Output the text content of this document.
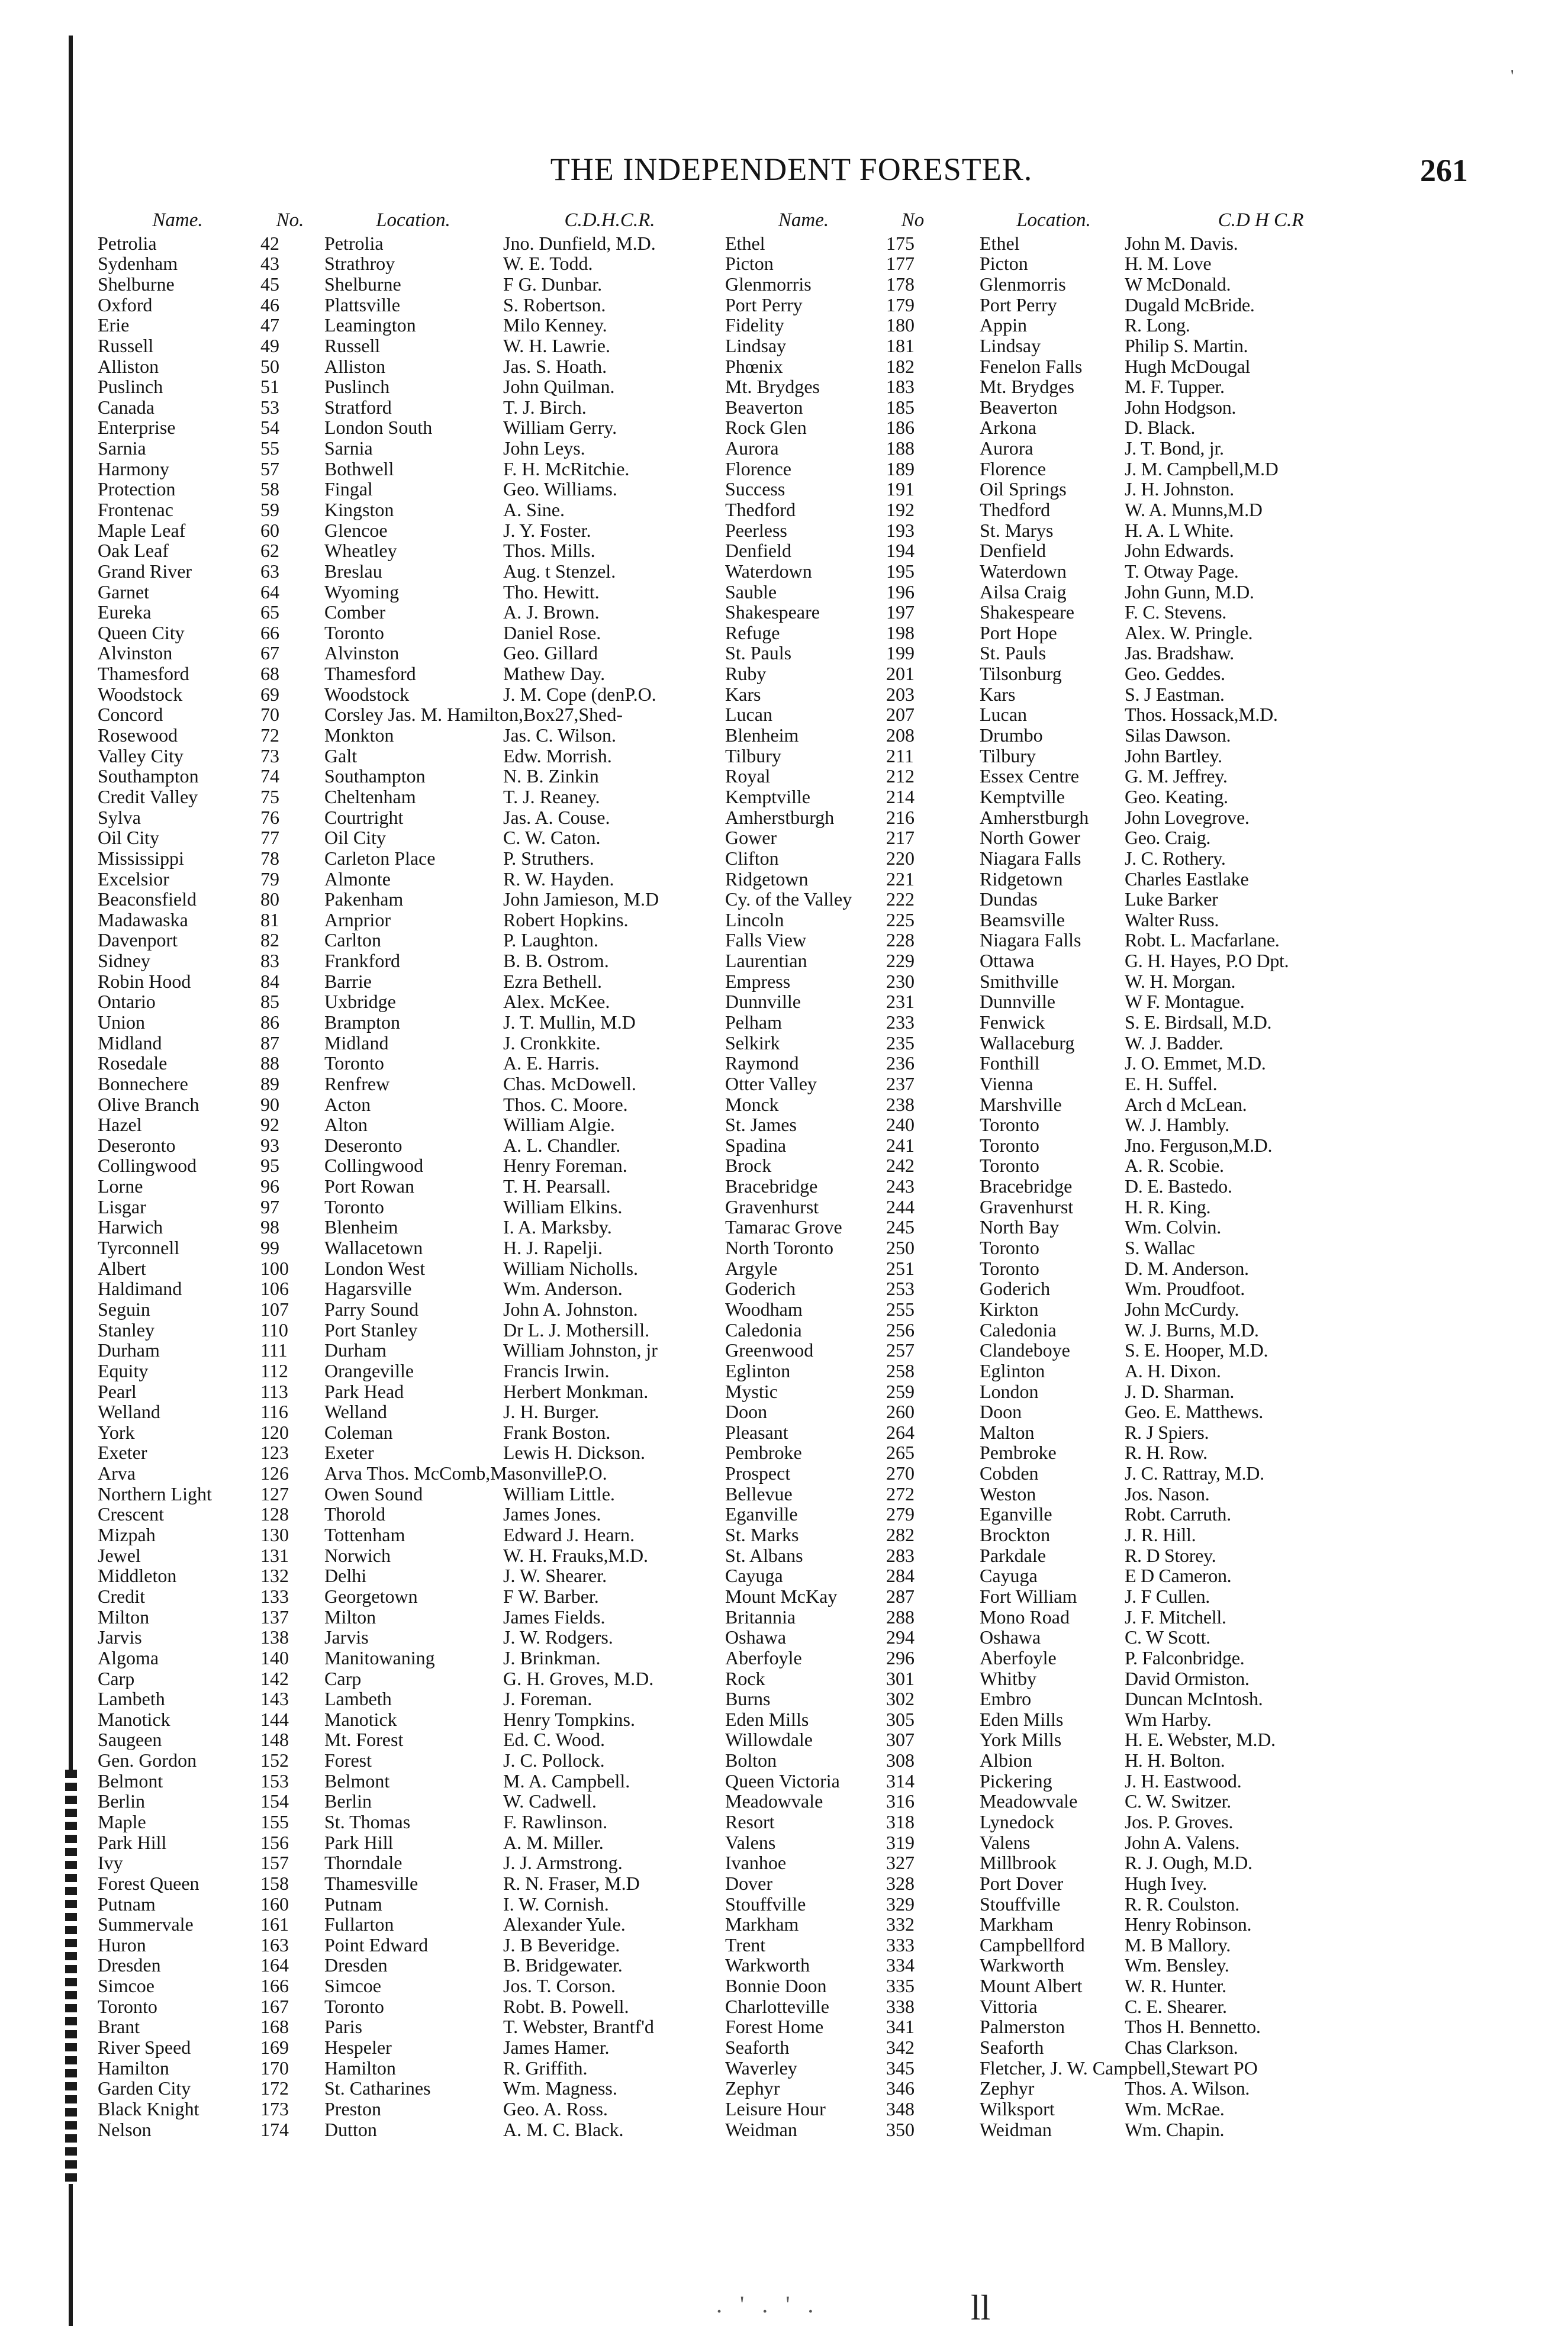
'
THE INDEPENDENT FORESTER.	261
Name.
Petrolia
Sydenham
Shelburne
Oxford
Erie
Russell
Alliston
Puslinch
Canada
Enterprise
Sarnia
Harmony
Protection
Frontenac
Maple Leaf
Oak Leaf
Grand River
Garnet
Eureka
Queen City
Alvinston
Thamesford
Woodstock
Concord
Rosewood
Valley City
Southampton
Credit Valley
Sylva
Oil City
Mississippi
Excelsior
Beaconsfield
Madawaska
Davenport
Sidney
Robin Hood
Ontario
Union
Midland
Rosedale
Bonnechere
Olive Branch
Hazel
Deseronto
Collingwood
Lorne
Lisgar
Harwich
Tyrconnell
Albert
Haldimand
Seguin
Stanley
Durham
Equity
Pearl
Welland
York
Exeter
Arva
Northern Light
Crescent
Mizpah
Jewel
Middleton
Credit
Milton
Jarvis
Algoma
Carp
Lambeth
Manotick
Saugeen
Gen. Gordon
Belmont
Berlin
Maple
Park Hill
Ivy
Forest Queen
Putnam
Summervale
Huron
Dresden
Simcoe
Toronto
Brant
River Speed
Hamilton
Garden City
Black Knight
Nelson
No.
42
43
45
46
47
49
50
51
53
54
55
57
58
59
60
62
63
64
65
66
67
68
69
70
72
73
74
75
76
77
78
79
80
81
82
83
84
85
86
87
88
89
90
92
93
95
96
97
98
99
100
106
107
110
111
112
113
116
120
123
126
127
128
130
131
132
133
137
138
140
142
143
144
148
152
153
154
155
156
157
158
160
161
163
164
166
167
168
169
170
172
173
174
Location.
Petrolia
Strathroy
Shelburne
Plattsville
Leamington
Russell
Alliston
Puslinch
Stratford
London South
Sarnia
Bothwell
Fingal
Kingston
Glencoe
Wheatley
Breslau
Wyoming
Comber
Toronto
Alvinston
Thamesford
Woodstock
Corsley Jas. M. Hamilton,Box27,Shed-
Monkton
Galt
Southampton
Cheltenham
Courtright
Oil City
Carleton Place
Almonte
Pakenham
Arnprior
Carlton
Frankford
Barrie
Uxbridge
Brampton
Midland
Toronto
Renfrew
Acton
Alton
Deseronto
Collingwood
Port Rowan
Toronto
Blenheim
Wallacetown
London West
Hagarsville
Parry Sound
Port Stanley
Durham
Orangeville
Park Head
Welland
Coleman
Exeter
Arva Thos. McComb,MasonvilleP.O.
Owen Sound
Thorold
Tottenham
Norwich
Delhi
Georgetown
Milton
Jarvis
Manitowaning
Carp
Lambeth
Manotick
Mt. Forest
Forest
Belmont
Berlin
St. Thomas
Park Hill
Thorndale
Thamesville
Putnam
Fullarton
Point Edward
Dresden
Simcoe
Toronto
Paris
Hespeler
Hamilton
St. Catharines
Preston
Dutton
C.D.H.C.R.
Jno. Dunfield, M.D.
W. E. Todd.
F G. Dunbar.
S. Robertson.
Milo Kenney.
W. H. Lawrie.
Jas. S. Hoath.
John Quilman.
T. J. Birch.
William Gerry.
John Leys.
F. H. McRitchie.
Geo. Williams.
A. Sine.
J. Y. Foster.
Thos. Mills.
Aug. t Stenzel.
Tho. Hewitt.
A. J. Brown.
Daniel Rose.
Geo. Gillard
Mathew Day.
J. M. Cope (denP.O.
Jas. C. Wilson.
Edw. Morrish.
N. B. Zinkin
T. J. Reaney.
Jas. A. Couse.
C. W. Caton.
P. Struthers.
R. W. Hayden.
John Jamieson, M.D
Robert Hopkins.
P. Laughton.
B. B. Ostrom.
Ezra Bethell.
Alex. McKee.
J. T. Mullin, M.D
J. Cronkkite.
A. E. Harris.
Chas. McDowell.
Thos. C. Moore.
William Algie.
A. L. Chandler.
Henry Foreman.
T. H. Pearsall.
William Elkins.
I. A. Marksby.
H. J. Rapelji.
William Nicholls.
Wm. Anderson.
John A. Johnston.
Dr L. J. Mothersill.
William Johnston, jr
Francis Irwin.
Herbert Monkman.
J. H. Burger.
Frank Boston.
Lewis H. Dickson.
William Little.
James Jones.
Edward J. Hearn.
W. H. Frauks,M.D.
J. W. Shearer.
F W. Barber.
James Fields.
J. W. Rodgers.
J. Brinkman.
G. H. Groves, M.D.
J. Foreman.
Henry Tompkins.
Ed. C. Wood.
J. C. Pollock.
M. A. Campbell.
W. Cadwell.
F. Rawlinson.
A. M. Miller.
J. J. Armstrong.
R. N. Fraser, M.D
I. W. Cornish.
Alexander Yule.
J. B Beveridge.
B. Bridgewater.
Jos. T. Corson.
Robt. B. Powell.
T. Webster, Brantf'd
James Hamer.
R. Griffith.
Wm. Magness.
Geo. A. Ross.
A. M. C. Black.
Name.
Ethel
Picton
Glenmorris
Port Perry
Fidelity
Lindsay
Phœnix
Mt. Brydges
Beaverton
Rock Glen
Aurora
Florence
Success
Thedford
Peerless
Denfield
Waterdown
Sauble
Shakespeare
Refuge
St. Pauls
Ruby
Kars
Lucan
Blenheim
Tilbury
Royal
Kemptville
Amherstburgh
Gower
Clifton
Ridgetown
Cy. of the Valley
Lincoln
Falls View
Laurentian
Empress
Dunnville
Pelham
Selkirk
Raymond
Otter Valley
Monck
St. James
Spadina
Brock
Bracebridge
Gravenhurst
Tamarac Grove
North Toronto
Argyle
Goderich
Woodham
Caledonia
Greenwood
Eglinton
Mystic
Doon
Pleasant
Pembroke
Prospect
Bellevue
Eganville
St. Marks
St. Albans
Cayuga
Mount McKay
Britannia
Oshawa
Aberfoyle
Rock
Burns
Eden Mills
Willowdale
Bolton
Queen Victoria
Meadowvale
Resort
Valens
Ivanhoe
Dover
Stouffville
Markham
Trent
Warkworth
Bonnie Doon
Charlotteville
Forest Home
Seaforth
Waverley
Zephyr
Leisure Hour
Weidman
No
175
177
178
179
180
181
182
183
185
186
188
189
191
192
193
194
195
196
197
198
199
201
203
207
208
211
212
214
216
217
220
221
222
225
228
229
230
231
233
235
236
237
238
240
241
242
243
244
245
250
251
253
255
256
257
258
259
260
264
265
270
272
279
282
283
284
287
288
294
296
301
302
305
307
308
314
316
318
319
327
328
329
332
333
334
335
338
341
342
345
346
348
350
Location.
Ethel
Picton
Glenmorris
Port Perry
Appin
Lindsay
Fenelon Falls
Mt. Brydges
Beaverton
Arkona
Aurora
Florence
Oil Springs
Thedford
St. Marys
Denfield
Waterdown
Ailsa Craig
Shakespeare
Port Hope
St. Pauls
Tilsonburg
Kars
Lucan
Drumbo
Tilbury
Essex Centre
Kemptville
Amherstburgh
North Gower
Niagara Falls
Ridgetown
Dundas
Beamsville
Niagara Falls
Ottawa
Smithville
Dunnville
Fenwick
Wallaceburg
Fonthill
Vienna
Marshville
Toronto
Toronto
Toronto
Bracebridge
Gravenhurst
North Bay
Toronto
Toronto
Goderich
Kirkton
Caledonia
Clandeboye
Eglinton
London
Doon
Malton
Pembroke
Cobden
Weston
Eganville
Brockton
Parkdale
Cayuga
Fort William
Mono Road
Oshawa
Aberfoyle
Whitby
Embro
Eden Mills
York Mills
Albion
Pickering
Meadowvale
Lynedock
Valens
Millbrook
Port Dover
Stouffville
Markham
Campbellford
Warkworth
Mount Albert
Vittoria
Palmerston
Seaforth
Fletcher, J. W. Campbell,Stewart PO
Zephyr
Wilksport
Weidman
C.D H C.R
John M. Davis.
H. M. Love
W McDonald.
Dugald McBride.
R. Long.
Philip S. Martin.
Hugh McDougal
M. F. Tupper.
John Hodgson.
D. Black.
J. T. Bond, jr.
J. M. Campbell,M.D
J. H. Johnston.
W. A. Munns,M.D
H. A. L White.
John Edwards.
T. Otway Page.
John Gunn, M.D.
F. C. Stevens.
Alex. W. Pringle.
Jas. Bradshaw.
Geo. Geddes.
S. J Eastman.
Thos. Hossack,M.D.
Silas Dawson.
John Bartley.
G. M. Jeffrey.
Geo. Keating.
John Lovegrove.
Geo. Craig.
J. C. Rothery.
Charles Eastlake
Luke Barker
Walter Russ.
Robt. L. Macfarlane.
G. H. Hayes, P.O Dpt.
W. H. Morgan.
W F. Montague.
S. E. Birdsall, M.D.
W. J. Badder.
J. O. Emmet, M.D.
E. H. Suffel.
Arch d McLean.
W. J. Hambly.
Jno. Ferguson,M.D.
A. R. Scobie.
D. E. Bastedo.
H. R. King.
Wm. Colvin.
S. Wallac
D. M. Anderson.
Wm. Proudfoot.
John McCurdy.
W. J. Burns, M.D.
S. E. Hooper, M.D.
A. H. Dixon.
J. D. Sharman.
Geo. E. Matthews.
R. J Spiers.
R. H. Row.
J. C. Rattray, M.D.
Jos. Nason.
Robt. Carruth.
J. R. Hill.
R. D Storey.
E D Cameron.
J. F Cullen.
J. F. Mitchell.
C. W Scott.
P. Falconbridge.
David Ormiston.
Duncan McIntosh.
Wm Harby.
H. E. Webster, M.D.
H. H. Bolton.
J. H. Eastwood.
C. W. Switzer.
Jos. P. Groves.
John A. Valens.
R. J. Ough, M.D.
Hugh Ivey.
R. R. Coulston.
Henry Robinson.
M. B Mallory.
Wm. Bensley.
W. R. Hunter.
C. E. Shearer.
Thos H. Bennetto.
Chas Clarkson.
Thos. A. Wilson.
Wm. McRae.
Wm. Chapin.
. ' . ' .	ll
